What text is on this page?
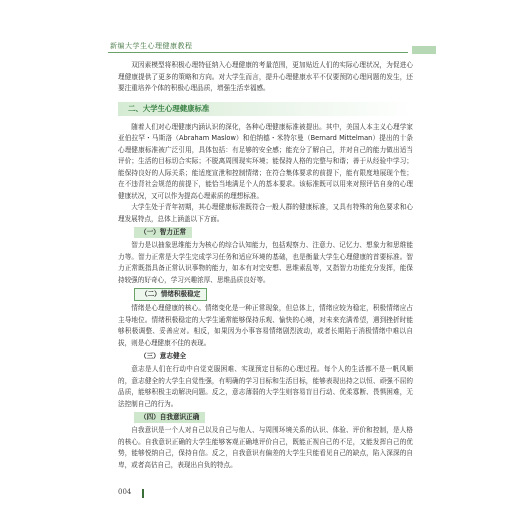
新编大学生心理健康教程

双因素模型将积极心理特征纳入心理健康的考量范围，更加贴近人们的实际心理状况，为促进心理健康提供了更多的策略和方向。对大学生而言，提升心理健康水平不仅要预防心理问题的发生，还要注重培养个体的积极心理品质，增强生活幸福感。

二、大学生心理健康标准

随着人们对心理健康内涵认识的深化，各种心理健康标准被提出。其中，美国人本主义心理学家亚伯拉罕・马斯洛（Abraham Maslow）和伯纳德・米特尔曼（Bernard Mittelman）提出的十条心理健康标准被广泛引用，具体包括：有足够的安全感；能充分了解自己，并对自己的能力做出适当评价；生活的目标切合实际；不脱离周围现实环境；能保持人格的完整与和谐；善于从经验中学习；能保持良好的人际关系；能适度宣泄和控制情绪；在符合集体要求的前提下，能有限度地展现个性；在不违背社会规范的前提下，能恰当地满足个人的基本要求。该标准既可以用来对照评估自身的心理健康状况，又可以作为提高心理素质的理想标准。

大学生处于青年初期，其心理健康标准既符合一般人群的健康标准，又具有特殊的角色要求和心理发展特点，总体上涵盖以下方面。

（一）智力正常

智力是以抽象思维能力为核心的综合认知能力，包括观察力、注意力、记忆力、想象力和思维能力等。智力正常是大学生完成学习任务和适应环境的基础，也是衡量大学生心理健康的首要标准。智力正常既指具备正常认识事物的能力，如本有对完安想、思维素乱等，又指智力功能充分发挥，能保持较强的好奇心，学习兴趣浓厚、思维品质良好等。

（二）情绪积极稳定

情绪是心理健康的核心。情绪变化是一种正常现象，但总体上，情绪应较为稳定，积极情绪应占主导地位。情绪积极稳定的大学生通常能够保持乐观、愉快的心境，对未来充满希望，遇到挫折时能够积极调整、妥善应对。相反，如果因为小事容易情绪剧烈波动，或者长期陷于消极情绪中难以自拔，则是心理健康不佳的表现。

（三）意志健全

意志是人们在行动中自觉克服困难、实现预定目标的心理过程。每个人的生活都不是一帆风顺的，意志健全的大学生自觉性强，有明确的学习目标和生活目标，能够表现出持之以恒、顽强不屈的品质，能够积极主动解决问题。反之，意志薄弱的大学生则容易盲目行动、优柔寡断、畏惧困难，无法控制自己的行为。

（四）自我意识正确

自我意识是一个人对自己以及自己与他人、与周围环境关系的认识、体验、评价和控制，是人格的核心。自我意识正确的大学生能够客观正确地评价自己，既能正视自己的不足，又能发挥自己的优势，能够悦纳自己，保持自信。反之，自我意识有偏差的大学生只能看见自己的缺点，陷入深深的自卑，或者高估自己，表现出自负的特点。

004
